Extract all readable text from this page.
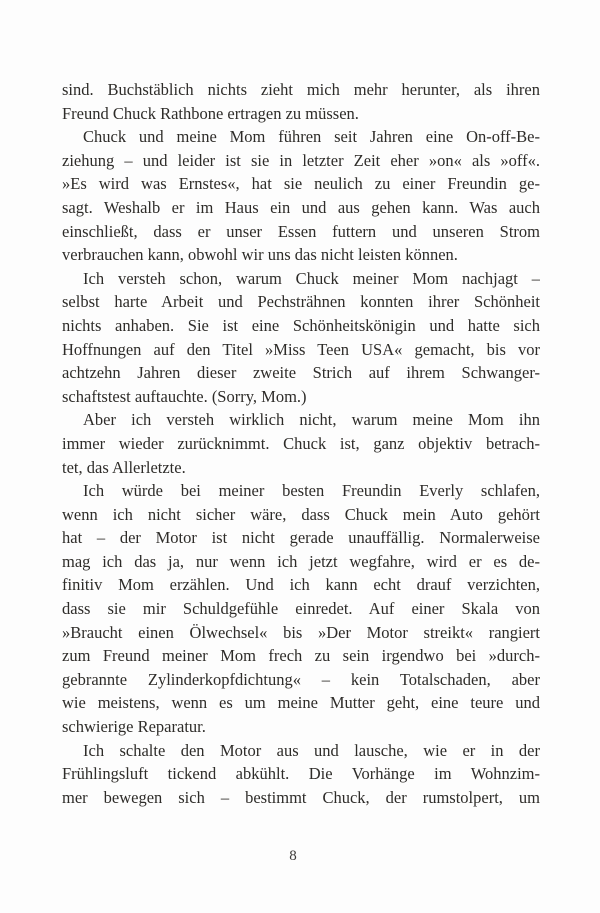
sind. Buchstäblich nichts zieht mich mehr herunter, als ihren
Freund Chuck Rathbone ertragen zu müssen.
Chuck und meine Mom führen seit Jahren eine On-off-Be-
ziehung – und leider ist sie in letzter Zeit eher »on« als »off«.
»Es wird was Ernstes«, hat sie neulich zu einer Freundin ge-
sagt. Weshalb er im Haus ein und aus gehen kann. Was auch
einschließt, dass er unser Essen futtern und unseren Strom
verbrauchen kann, obwohl wir uns das nicht leisten können.
Ich versteh schon, warum Chuck meiner Mom nachjagt –
selbst harte Arbeit und Pechsträhnen konnten ihrer Schönheit
nichts anhaben. Sie ist eine Schönheitskönigin und hatte sich
Hoffnungen auf den Titel »Miss Teen USA« gemacht, bis vor
achtzehn Jahren dieser zweite Strich auf ihrem Schwanger-
schaftstest auftauchte. (Sorry, Mom.)
Aber ich versteh wirklich nicht, warum meine Mom ihn
immer wieder zurücknimmt. Chuck ist, ganz objektiv betrach-
tet, das Allerletzte.
Ich würde bei meiner besten Freundin Everly schlafen,
wenn ich nicht sicher wäre, dass Chuck mein Auto gehört
hat – der Motor ist nicht gerade unauffällig. Normalerweise
mag ich das ja, nur wenn ich jetzt wegfahre, wird er es de-
finitiv Mom erzählen. Und ich kann echt drauf verzichten,
dass sie mir Schuldgefühle einredet. Auf einer Skala von
»Braucht einen Ölwechsel« bis »Der Motor streikt« rangiert
zum Freund meiner Mom frech zu sein irgendwo bei »durch-
gebrannte Zylinderkopfdichtung« – kein Totalschaden, aber
wie meistens, wenn es um meine Mutter geht, eine teure und
schwierige Reparatur.
Ich schalte den Motor aus und lausche, wie er in der
Frühlingsluft tickend abkühlt. Die Vorhänge im Wohnzim-
mer bewegen sich – bestimmt Chuck, der rumstolpert, um
8
